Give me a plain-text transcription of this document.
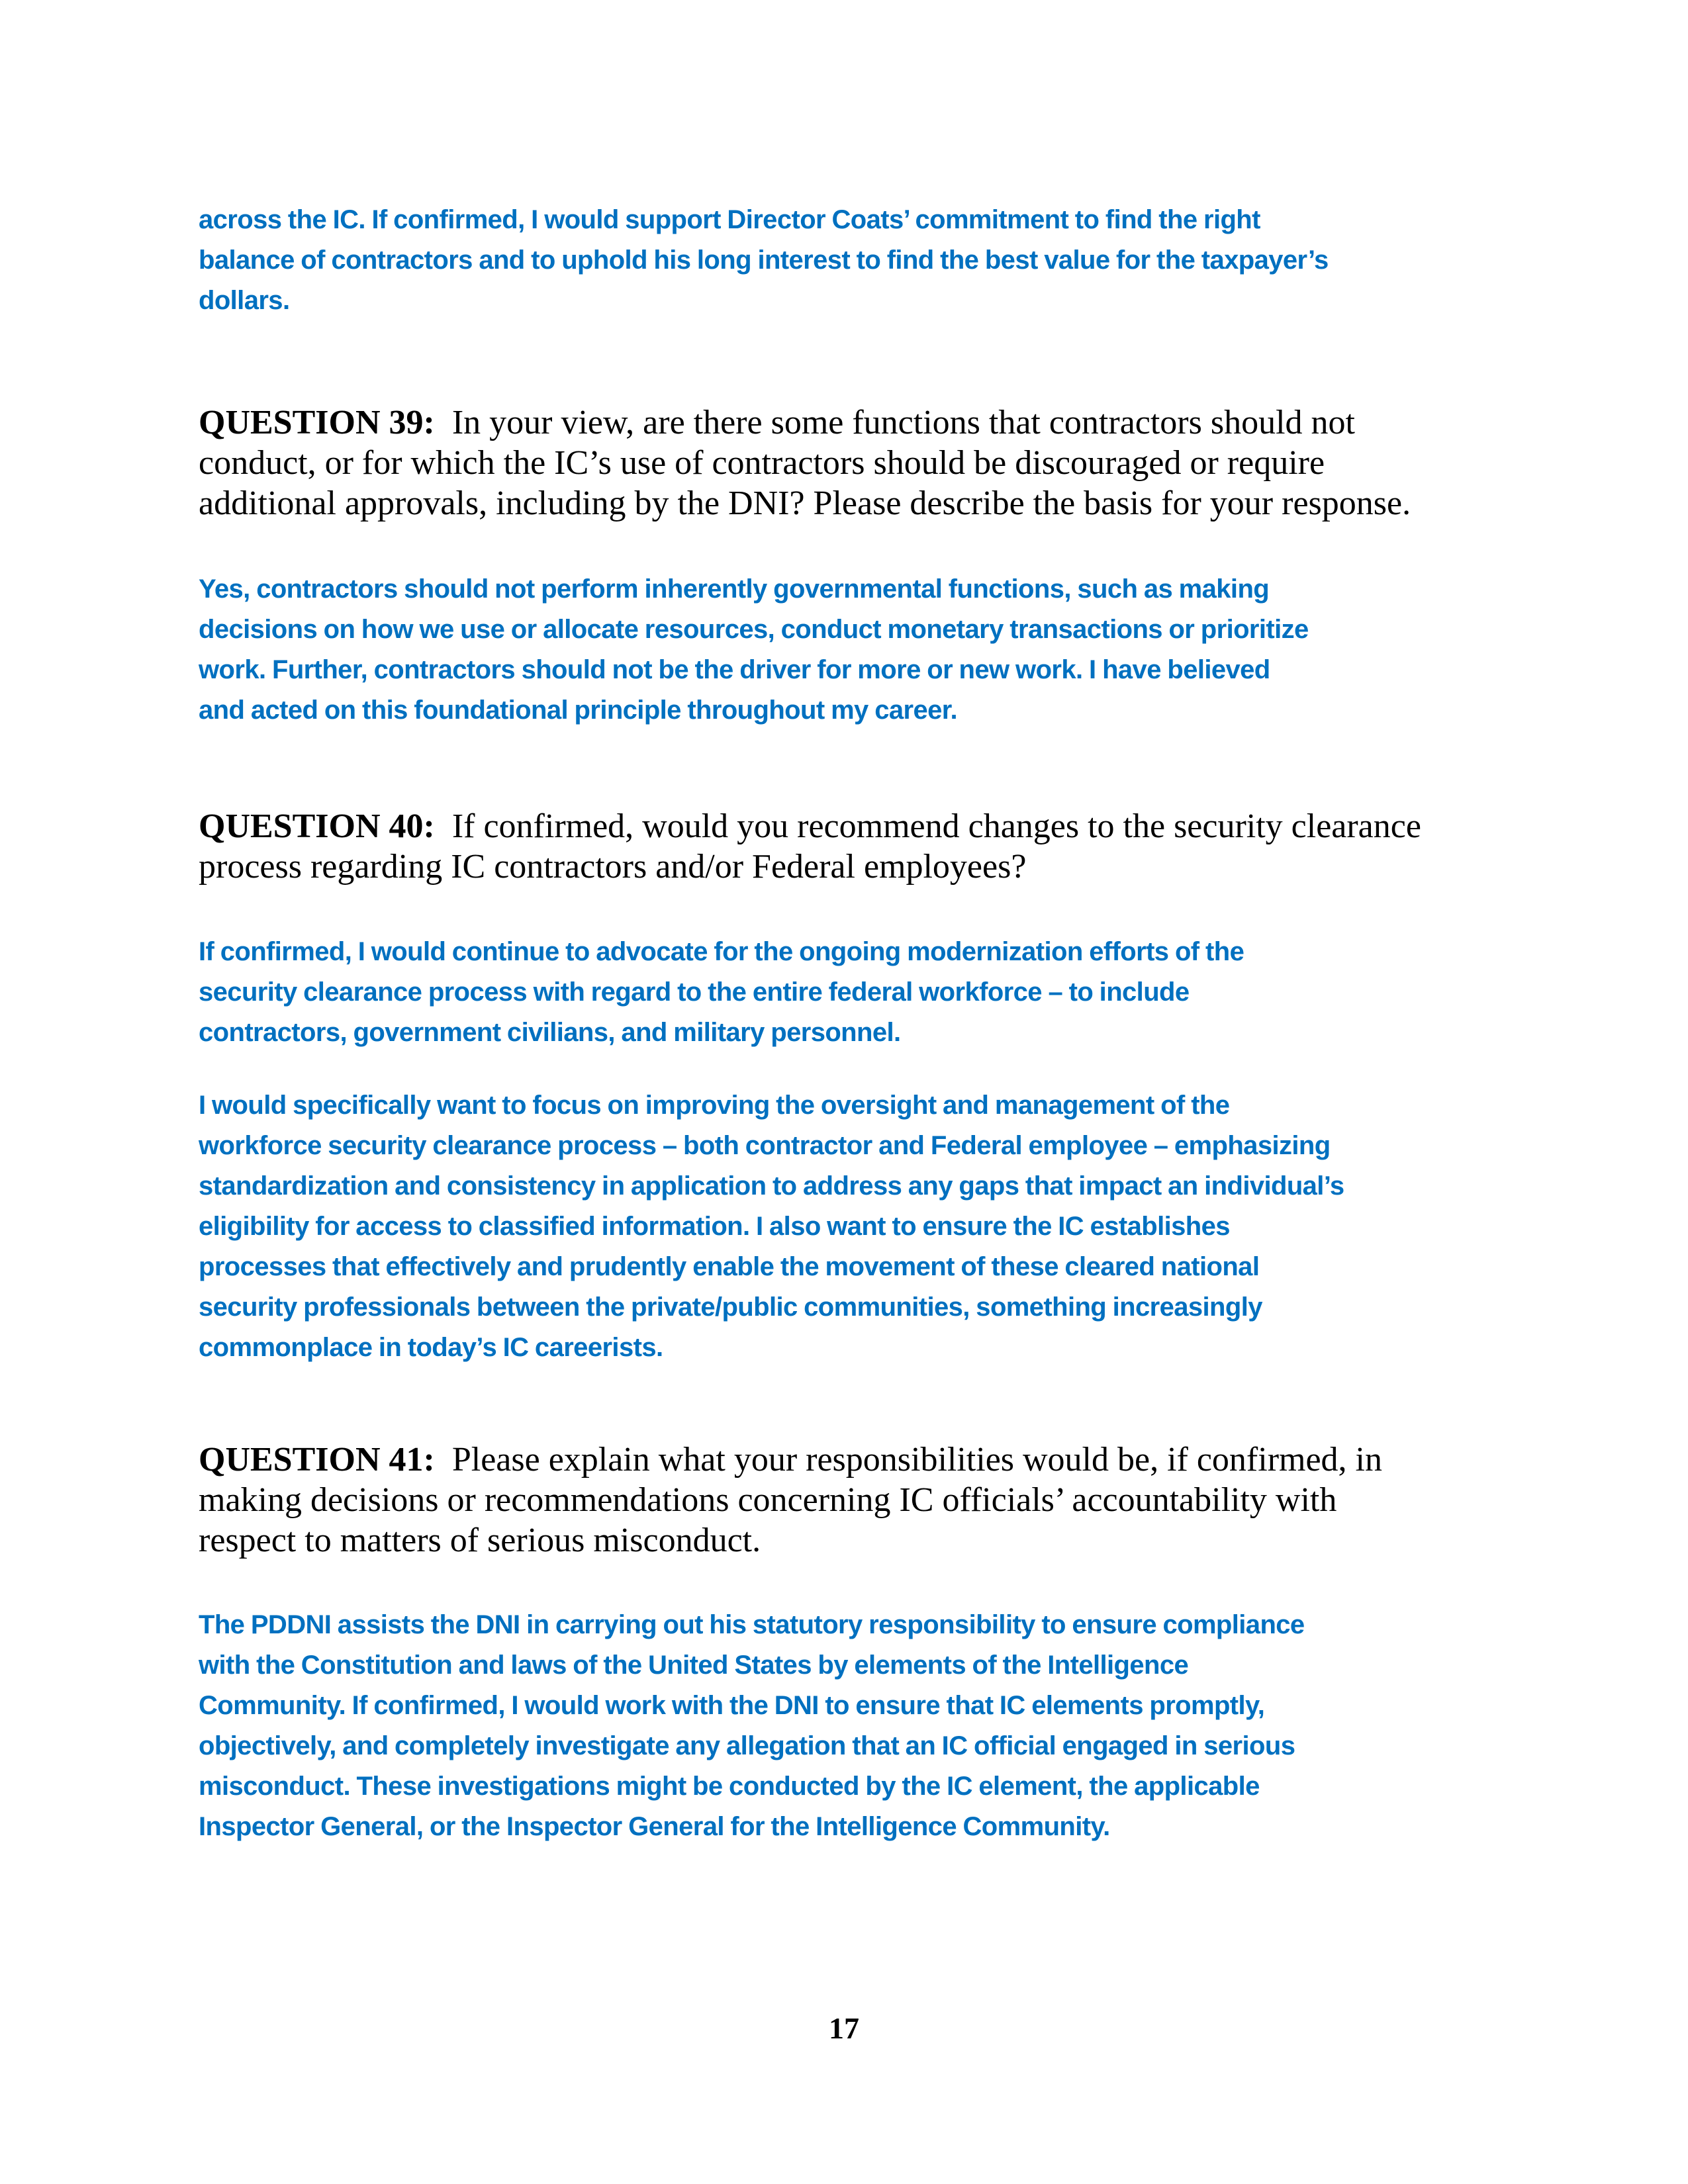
across the IC. If confirmed, I would support Director Coats’ commitment to find the right
balance of contractors and to uphold his long interest to find the best value for the taxpayer’s
dollars.
QUESTION 39: In your view, are there some functions that contractors should not
conduct, or for which the IC’s use of contractors should be discouraged or require
additional approvals, including by the DNI? Please describe the basis for your response.
Yes, contractors should not perform inherently governmental functions, such as making
decisions on how we use or allocate resources, conduct monetary transactions or prioritize
work. Further, contractors should not be the driver for more or new work. I have believed
and acted on this foundational principle throughout my career.
QUESTION 40: If confirmed, would you recommend changes to the security clearance
process regarding IC contractors and/or Federal employees?
If confirmed, I would continue to advocate for the ongoing modernization efforts of the
security clearance process with regard to the entire federal workforce – to include
contractors, government civilians, and military personnel.
I would specifically want to focus on improving the oversight and management of the
workforce security clearance process – both contractor and Federal employee – emphasizing
standardization and consistency in application to address any gaps that impact an individual’s
eligibility for access to classified information. I also want to ensure the IC establishes
processes that effectively and prudently enable the movement of these cleared national
security professionals between the private/public communities, something increasingly
commonplace in today’s IC careerists.
QUESTION 41: Please explain what your responsibilities would be, if confirmed, in
making decisions or recommendations concerning IC officials’ accountability with
respect to matters of serious misconduct.
The PDDNI assists the DNI in carrying out his statutory responsibility to ensure compliance
with the Constitution and laws of the United States by elements of the Intelligence
Community. If confirmed, I would work with the DNI to ensure that IC elements promptly,
objectively, and completely investigate any allegation that an IC official engaged in serious
misconduct. These investigations might be conducted by the IC element, the applicable
Inspector General, or the Inspector General for the Intelligence Community.
17
